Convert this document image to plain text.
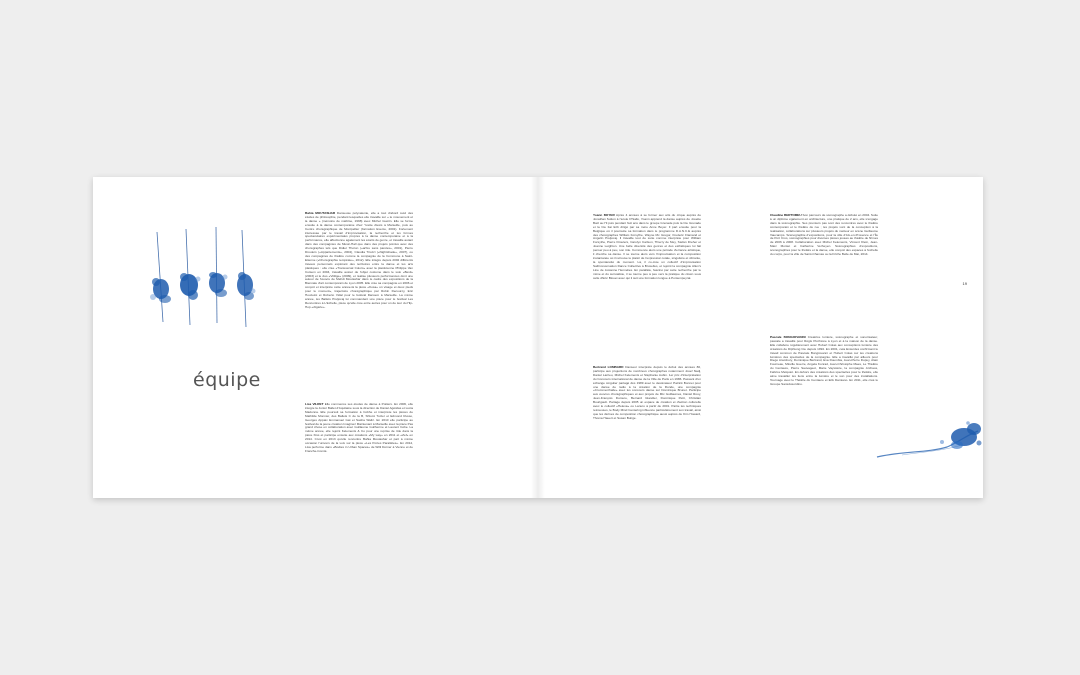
équipe

Bahia MOUTASHAR Danseuse polyvalente, elle a tout d'abord suivi des études de philosophie, pendant lesquelles elle travaille sur « le mouvement et la danse » (mémoire de maîtrise, 1998) avec Michel Guérin. Elle se forme ensuite à la danse contemporaine chez Yvette Alexis à Marseille, puis au Centre chorégraphique de Montpellier (formation Exerce, 2001). Fortement intéressée par le travail d'improvisation, la recherche et les formes spectaculaires expérimentales propres à la danse contemporaine et à la performance, elle affectionne également les écarts de genre, et travaille autant dans des compagnies de Music-Hall que dans des projets pointus avec des chorégraphes tels que Didier Théron («arbre sans paroles», 2001), Pierre Droulers («Appartements», 2004), Claudia Triozzi («Nightshade», 2007), ou des compagnies de théâtre comme la compagnie de la Commune à Saint-Etienne («Chorégraphie tempêtée», 2012). Elle intègre depuis 2002 différents travaux personnels explorant des territoires entre la danse et les arts plastiques : elle crée «Transversal Colors» avec la plasticienne Philippe Van Cutsem en 2004, travaille autour de l'objet costume dans le solo «Bevil» (2003) et le duo «Vitilige» (2009), et réalise plusieurs performances dont une autour de l'œuvre de Mehdi Moutashar dans le cadre des expositions de la Biennale d'art contemporain de Lyon 2005. Elle crée sa compagnie en 2006 et conçoit et interprète cette année-là la pièce «Kosa» un visage et deux pieds pour le moment», trajectoire chorégraphique par Robin Decourcy, Eric Houzelot et Roberto Vidal pour le festival Dansem à Marseille. La même année, les Ballets Preljocaj lui commandent une pièce pour le festival Les Rencontres à L'Echelle, pièce qu'elle crée entre autres pour un de leur du Hip-Hop «Algérie».

Lisa VILRET Elle commence ses études de danse à Poitiers. En 2006, elle intègre la Junior Ballet d'Aquitaine sous la direction de Daniel Agésilas et Lucia Madonna. Elle poursuit sa formation à Cobhe et interprète les pièces de Mathilde Monnier, des Ballets C de la B, Shlomi Tuizer et Edmond Russo, Georges Appaix Emmanuel Gat et Sasha Waltz. En 2010 elle participe au festival de la jeune création Imaginez Maintenant à Marseille avec la pièce Pas grand chose en collaboration avec Guillaume Guilherme et Laurent Cèbe. La même année, elle rejoint Kelemenis & Co pour une reprise de rôle dans la pièce Kiss et participe ensuite aux créations «My way» en 2011 et «Zef» en 2014. C'est en 2013 qu'elle rencontre Bahia Moutashar et part à même occasion l'univers de la voix sur la pièce «Les Portes Parallèles». En 2014, Lisa performe dans «Bodies in Urban Spaces» de Willi Dorner à Vienne et de Franche-Comté.

Yoann BOYER Après 4 années à se former aux arts du cirque auprès de Jonathan Sutton à l'école D'Sallo, Yoann apprend la danse auprès de Josette Baiz au Hi puis pendant huit ans dans le groupe Grenade puis la Cie Grenade et la Cie Itai Ezb dirigé par sa mère Anne Boyer. Il part ensuite pour la Belgique où il poursuite sa formation dans le programme D.A.N.C.E auprès des chorégraphes William Forsythe, Wayne Mc Gregor, Frederic Flamand et Angelin Preljocaj. Il travaille tout de suite comme interprète pour William Forsythe, Pierre Droulers, Carolyn Carlson, Thierry de Mey, Stefan Dreher et Joanne Leighton. Une belle diversité des genres et des esthétiques lui fait penser peu à peu, son rôle. Commence alors une période d'errance artistique, il cherche sa danse. Il se tourne alors vers l'improvisation et la composition instantanée où il retrouve le plaisir de l'expression totale, singulière et vibrante, la spontanéité du moment. Là, il co-crée un collectif d'improvisation SaltConversation Dance Collective à Bruxelles, et rejoint la compagnie Allen's Line de Josianne Hennelies. En parallèle, fasciné par cette recherche par le mime et du surréaliste, il se tourne peu à peu vers la pratique du clown sous celle d'Eric Blouet avec qui il suit une formation longue à Pontempeyrat.

Bertrand LOMBARD Danseur interprète depuis le début des années 80, participe aux projections de nombreux chorégraphes notamment Josef Nadj, Daniel Larrieu, Michel Kelemenis et Stéphanie Aubin. 1er prix d'interprétation du Concours international de danse de la Ville de Paris en 1986. Passant d'un échange singulier partagé dès 1989 avec le dessinateur Patrick Bonnet pour une danse de radio à la création de la Ronde, une compagnie «Crommerchalle» avec les concours danse sur Dominique Brunet. Participe aux œuvres chorégraphiques et aux projets de Mic Guillaumes, Daniel Rouy, Jean-François Duroure, Bernard Glandier, Dominique Petit, Christian Bourigault. Partage depuis 2005 un espace de création et d'action culturelle avec le collectif «Heleva» ou Lanuro à partir de 2001. Partie les techniques retrouvées, le Body Mind Centering influence particulièrement son travail, ainsi que les dérives de composition chorégraphique aussi auprès de Kim Howard, Thoma Hauert et Susan Buirge.

Claudine BERTOMEU Son parcours de scénographe a débuté en 2004. Suite à un diplôme également en architecture, une pratique de 2 ans, elle s'engage dans la scénographie. Ses premiers pas sont des rencontres avec le théâtre contemporain et le théâtre de rue ; les projets vont de la conception à la réalisation, collaborations sur plusieurs projets du metteur en scène Guillaume Vaucamps. Scénographie d'expositions, pour la ville d'Aix-en-Provence et l'Île de Port Cros, scénographies pour diverses pièces jouées au théâtre de Nîmes de 2006 à 2008. Collaboration avec Michel Kelemenis, Vincent Klein, Jean-Marc Montet et Catherine Verheyen. Scénographies d'expositions, scénographies pour le théâtre et la danse, elle conçoit des espaces à l'échelle du corps, pour la ville de Saint-Chamas ou la Friche Belle de Mai, 2014.

Pascale BONGIOVANNI Créatrice lumière, scénographe et sonorisateur, pascale a travaillé pour Régis Picchione à Lyon et à la maison de la danse. Elle collabore régulièrement avec Hubert Colas aux conceptions lumière des créations de Diphtong Cie depuis 1994. En 2001, cela Ensurdes confirmant le travail commun de Pascale Bongiovanni et Hubert Colas sur les créations lumières des spectacles de la compagnie. Elle a travaillé par ailleurs pour Diego Arambury, Dominique Bertrand, Eva Doumbia, Jean-Pierre Dupuy, Alain Fourneau, Mireille Guerre, Angela Konrad, Jean-Christophe Maes, Le Théâtre du Centaure, Pierre Sauvageot, Marie Vayssière, la compagnie Archaos, Fabrice Melquiot. En dehors des créations des spectacles pour le théâtre, elle aime travailler les liens entre la lumière et le son pour des installations. Tournage avec le Théâtre du Centaure et Erik Damiano. En 2011, elle créé le Groupe Sansdosordino.

19
